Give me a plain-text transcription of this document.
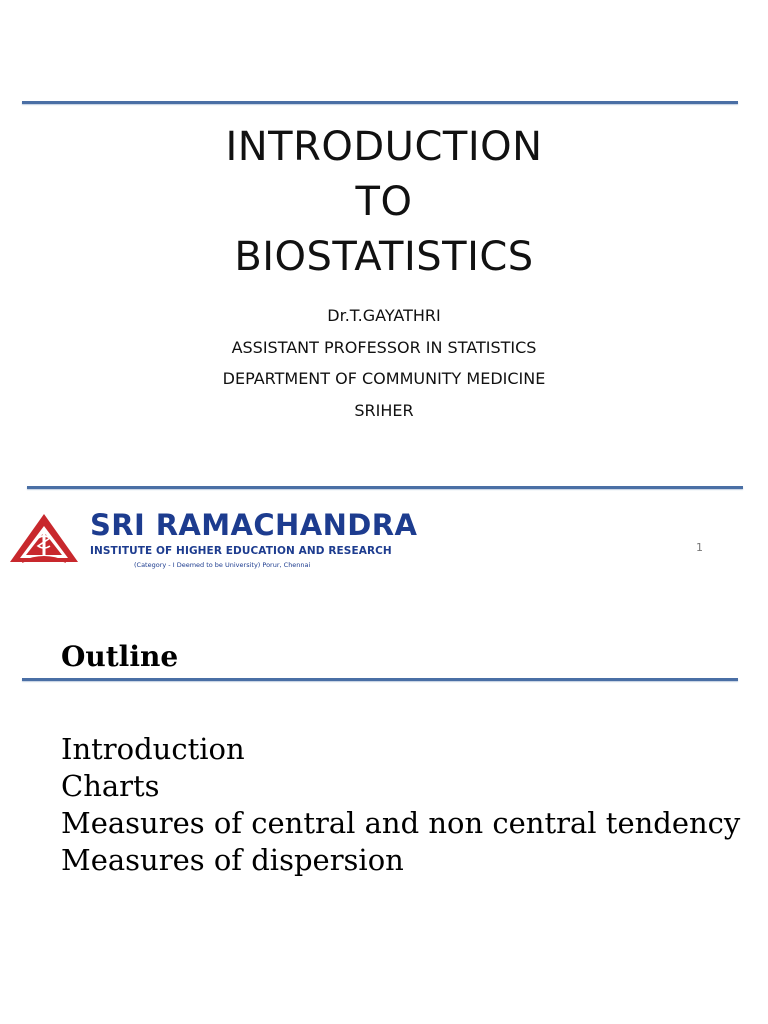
INTRODUCTION
TO
BIOSTATISTICS
Dr.T.GAYATHRI
ASSISTANT PROFESSOR IN STATISTICS
DEPARTMENT OF COMMUNITY MEDICINE
SRIHER
SRI RAMACHANDRA
INSTITUTE OF HIGHER EDUCATION AND RESEARCH
(Category - I Deemed to be University) Porur, Chennai
1
Outline
Introduction
Charts
Measures of central and non central tendency
Measures of dispersion
